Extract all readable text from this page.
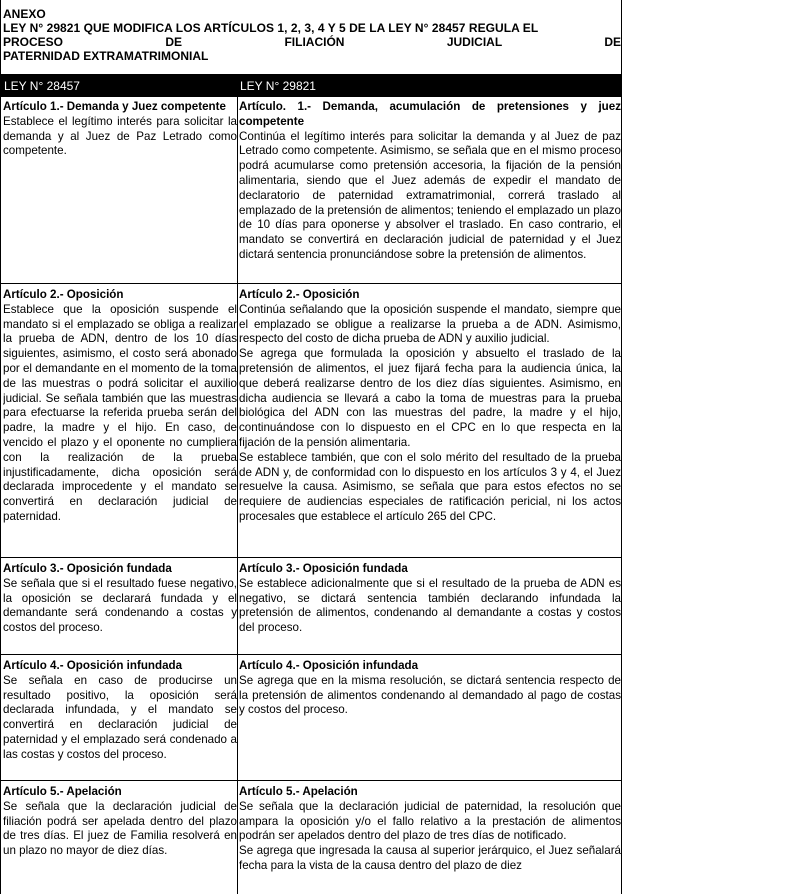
ANEXO
LEY N° 29821 QUE MODIFICA LOS ARTÍCULOS 1, 2, 3, 4 Y 5 DE LA LEY N° 28457 REGULA EL
PROCESO DE FILIACIÓN JUDICIAL DE
PATERNIDAD EXTRAMATRIMONIAL
LEY N° 28457	LEY N° 29821
Artículo 1.- Demanda y Juez competente
Establece el legítimo interés para solicitar la demanda y al Juez de Paz Letrado como competente.
Artículo. 1.- Demanda, acumulación de pretensiones y juez competente
Continúa el legítimo interés para solicitar la demanda y al Juez de paz Letrado como competente. Asimismo, se señala que en el mismo proceso podrá acumularse como pretensión accesoria, la fijación de la pensión alimentaria, siendo que el Juez además de expedir el mandato de declaratorio de paternidad extramatrimonial, correrá traslado al emplazado de la pretensión de alimentos; teniendo el emplazado un plazo de 10 días para oponerse y absolver el traslado. En caso contrario, el mandato se convertirá en declaración judicial de paternidad y el Juez dictará sentencia pronunciándose sobre la pretensión de alimentos.
Artículo 2.- Oposición
Establece que la oposición suspende el mandato si el emplazado se obliga a realizar la prueba de ADN, dentro de los 10 días siguientes, asimismo, el costo será abonado por el demandante en el momento de la toma de las muestras o podrá solicitar el auxilio judicial. Se señala también que las muestras para efectuarse la referida prueba serán del padre, la madre y el hijo. En caso, de vencido el plazo y el oponente no cumpliera con la realización de la prueba injustificadamente, dicha oposición será declarada improcedente y el mandato se convertirá en declaración judicial de paternidad.
Artículo 2.- Oposición
Continúa señalando que la oposición suspende el mandato, siempre que el emplazado se obligue a realizarse la prueba a de ADN. Asimismo, respecto del costo de dicha prueba de ADN y auxilio judicial.
Se agrega que formulada la oposición y absuelto el traslado de la pretensión de alimentos, el juez fijará fecha para la audiencia única, la que deberá realizarse dentro de los diez días siguientes. Asimismo, en dicha audiencia se llevará a cabo la toma de muestras para la prueba biológica del ADN con las muestras del padre, la madre y el hijo, continuándose con lo dispuesto en el CPC en lo que respecta en la fijación de la pensión alimentaria.
Se establece también, que con el solo mérito del resultado de la prueba de ADN y, de conformidad con lo dispuesto en los artículos 3 y 4, el Juez resuelve la causa. Asimismo, se señala que para estos efectos no se requiere de audiencias especiales de ratificación pericial, ni los actos procesales que establece el artículo 265 del CPC.
Artículo 3.- Oposición fundada
Se señala que si el resultado fuese negativo, la oposición se declarará fundada y el demandante será condenando a costas y costos del proceso.
Artículo 3.- Oposición fundada
Se establece adicionalmente que si el resultado de la prueba de ADN es negativo, se dictará sentencia también declarando infundada la pretensión de alimentos, condenando al demandante a costas y costos del proceso.
Artículo 4.- Oposición infundada
Se señala en caso de producirse un resultado positivo, la oposición será declarada infundada, y el mandato se convertirá en declaración judicial de paternidad y el emplazado será condenado a las costas y costos del proceso.
Artículo 4.- Oposición infundada
Se agrega que en la misma resolución, se dictará sentencia respecto de la pretensión de alimentos condenando al demandado al pago de costas y costos del proceso.
Artículo 5.- Apelación
Se señala que la declaración judicial de filiación podrá ser apelada dentro del plazo de tres días. El juez de Familia resolverá en un plazo no mayor de diez días.
Artículo 5.- Apelación
Se señala que la declaración judicial de paternidad, la resolución que ampara la oposición y/o el fallo relativo a la prestación de alimentos podrán ser apelados dentro del plazo de tres días de notificado.
Se agrega que ingresada la causa al superior jerárquico, el Juez señalará fecha para la vista de la causa dentro del plazo de diez
